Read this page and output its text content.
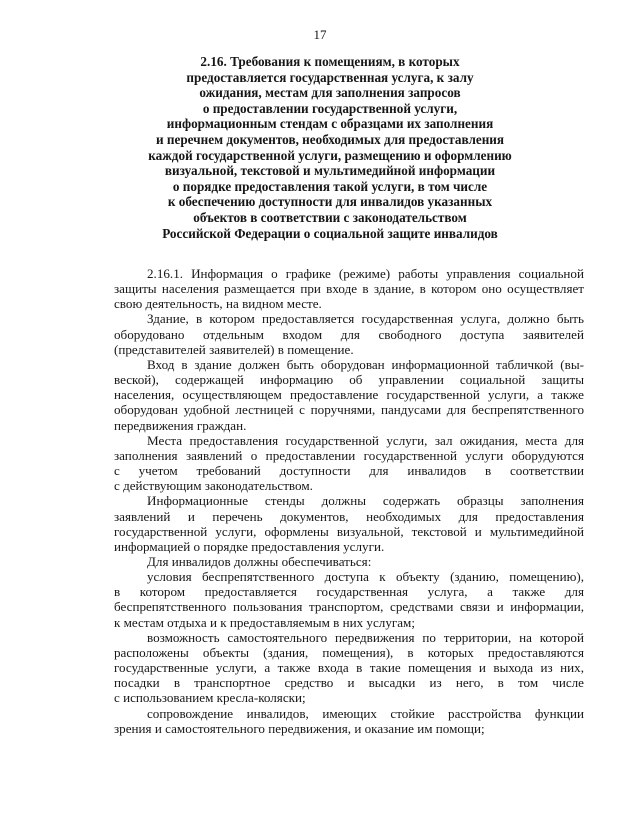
17
2.16. Требования к помещениям, в которых
предоставляется государственная услуга, к залу
ожидания, местам для заполнения запросов
о предоставлении государственной услуги,
информационным стендам с образцами их заполнения
и перечнем документов, необходимых для предоставления
каждой государственной услуги, размещению и оформлению
визуальной, текстовой и мультимедийной информации
о порядке предоставления такой услуги, в том числе
к обеспечению доступности для инвалидов указанных
объектов в соответствии с законодательством
Российской Федерации о социальной защите инвалидов

2.16.1. Информация о графике (режиме) работы управления социальной
защиты населения размещается при входе в здание, в котором оно осуществляет
свою деятельность, на видном месте.

Здание, в котором предоставляется государственная услуга, должно быть
оборудовано отдельным входом для свободного доступа заявителей
(представителей заявителей) в помещение.

Вход в здание должен быть оборудован информационной табличкой (вы-
веской), содержащей информацию об управлении социальной защиты
населения, осуществляющем предоставление государственной услуги, а также
оборудован удобной лестницей с поручнями, пандусами для беспрепятственного
передвижения граждан.

Места предоставления государственной услуги, зал ожидания, места для
заполнения заявлений о предоставлении государственной услуги оборудуются
с учетом требований доступности для инвалидов в соответствии
с действующим законодательством.

Информационные стенды должны содержать образцы заполнения
заявлений и перечень документов, необходимых для предоставления
государственной услуги, оформлены визуальной, текстовой и мультимедийной
информацией о порядке предоставления услуги.

Для инвалидов должны обеспечиваться:

условия беспрепятственного доступа к объекту (зданию, помещению),
в котором предоставляется государственная услуга, а также для
беспрепятственного пользования транспортом, средствами связи и информации,
к местам отдыха и к предоставляемым в них услугам;

возможность самостоятельного передвижения по территории, на которой
расположены объекты (здания, помещения), в которых предоставляются
государственные услуги, а также входа в такие помещения и выхода из них,
посадки в транспортное средство и высадки из него, в том числе
с использованием кресла-коляски;

сопровождение инвалидов, имеющих стойкие расстройства функции
зрения и самостоятельного передвижения, и оказание им помощи;
